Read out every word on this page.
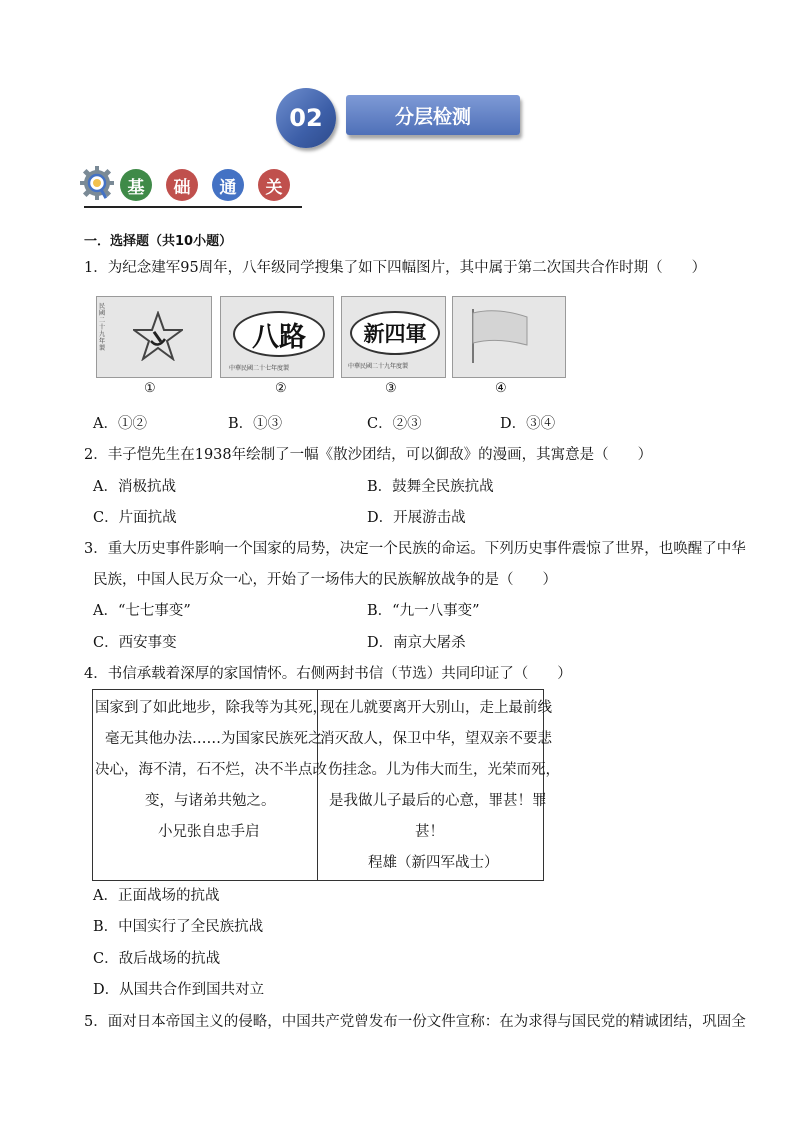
02	分层检测
基	础	通	关
一．选择题（共10小题）
1．为纪念建军95周年，八年级同学搜集了如下四幅图片，其中属于第二次国共合作时期（　　）
民國二十九年製	八路
中華民國二十七年度製
新四軍
中華民國二十九年度製
①	②	③	④
A．①②	B．①③	C．②③	D．③④
2．丰子恺先生在1938年绘制了一幅《散沙团结，可以御敌》的漫画，其寓意是（　　）
A．消极抗战	B．鼓舞全民族抗战
C．片面抗战	D．开展游击战
3．重大历史事件影响一个国家的局势，决定一个民族的命运。下列历史事件震惊了世界，也唤醒了中华
民族，中国人民万众一心，开始了一场伟大的民族解放战争的是（　　）
A．“七七事变”	B．“九一八事变”
C．西安事变	D．南京大屠杀
4．书信承载着深厚的家国情怀。右侧两封书信（节选）共同印证了（　　）
国家到了如此地步，除我等为其死，
毫无其他办法……为国家民族死之
决心，海不清，石不烂，决不半点改
变，与诸弟共勉之。
小兄张自忠手启
现在儿就要离开大别山，走上最前线
消灭敌人，保卫中华，望双亲不要悲
伤挂念。儿为伟大而生，光荣而死，
是我做儿子最后的心意，罪甚！罪
甚！
程雄（新四军战士）
A．正面战场的抗战
B．中国实行了全民族抗战
C．敌后战场的抗战
D．从国共合作到国共对立
5．面对日本帝国主义的侵略，中国共产党曾发布一份文件宣称：在为求得与国民党的精诚团结，巩固全
